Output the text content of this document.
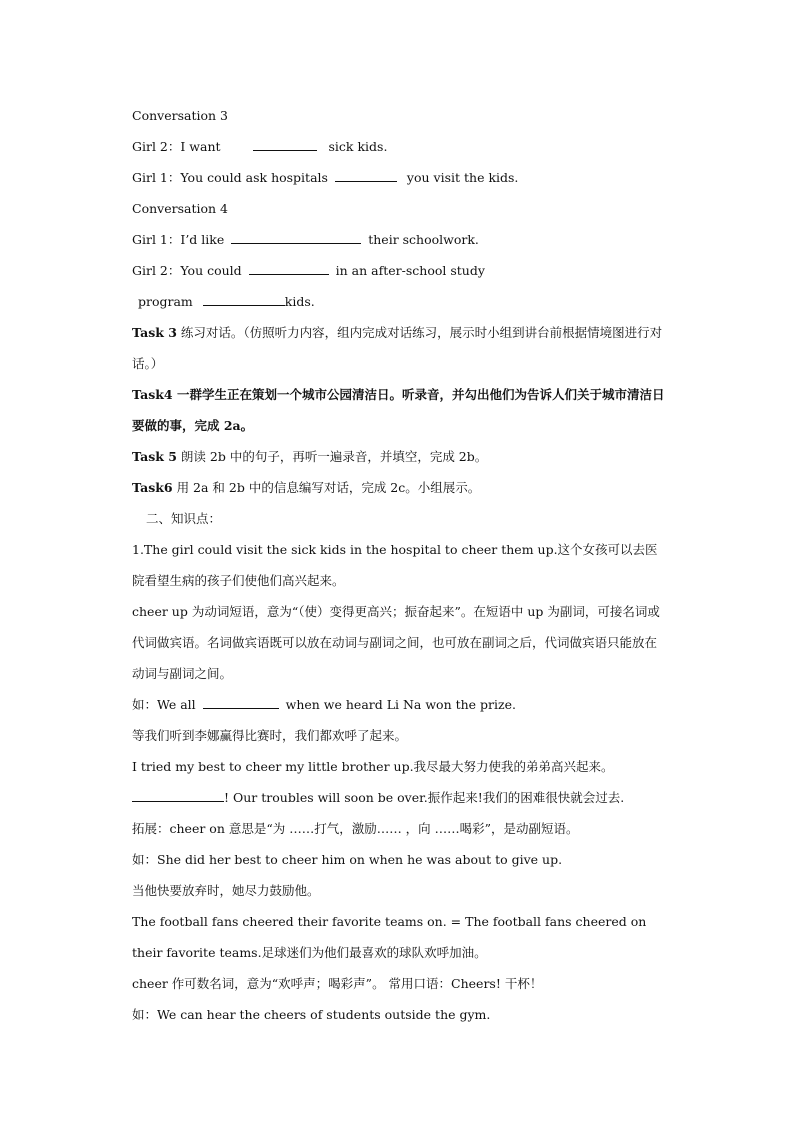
Conversation 3
Girl 2：I want	sick kids.
Girl 1：You could ask hospitals	you visit the kids.
Conversation 4
Girl 1：I’d like	their schoolwork.
Girl 2：You could	in an after-school study
program	kids.
Task 3 练习对话。（仿照听力内容，组内完成对话练习，展示时小组到讲台前根据情境图进行对话。）
Task4 一群学生正在策划一个城市公园清洁日。听录音，并勾出他们为告诉人们关于城市清洁日要做的事，完成 2a。
Task 5 朗读 2b 中的句子，再听一遍录音，并填空，完成 2b。
Task6 用 2a 和 2b 中的信息编写对话，完成 2c。小组展示。
二、知识点：
1.The girl could visit the sick kids in the hospital to cheer them up.这个女孩可以去医院看望生病的孩子们使他们高兴起来。
cheer up 为动词短语，意为“（使）变得更高兴；振奋起来”。在短语中 up 为副词，可接名词或代词做宾语。名词做宾语既可以放在动词与副词之间，也可放在副词之后，代词做宾语只能放在动词与副词之间。
如：We all	when we heard Li Na won the prize.
等我们听到李娜赢得比赛时，我们都欢呼了起来。
I tried my best to cheer my little brother up.我尽最大努力使我的弟弟高兴起来。
! Our troubles will soon be over.振作起来!我们的困难很快就会过去.
拓展：cheer on 意思是“为 ……打气，激励…… ，向 ……喝彩”，是动副短语。
如：She did her best to cheer him on when he was about to give up.
当他快要放弃时，她尽力鼓励他。
The football fans cheered their favorite teams on. = The football fans cheered on their favorite teams.足球迷们为他们最喜欢的球队欢呼加油。
cheer 作可数名词，意为“欢呼声；喝彩声”。 常用口语：Cheers! 干杯！
如：We can hear the cheers of students outside the gym.
